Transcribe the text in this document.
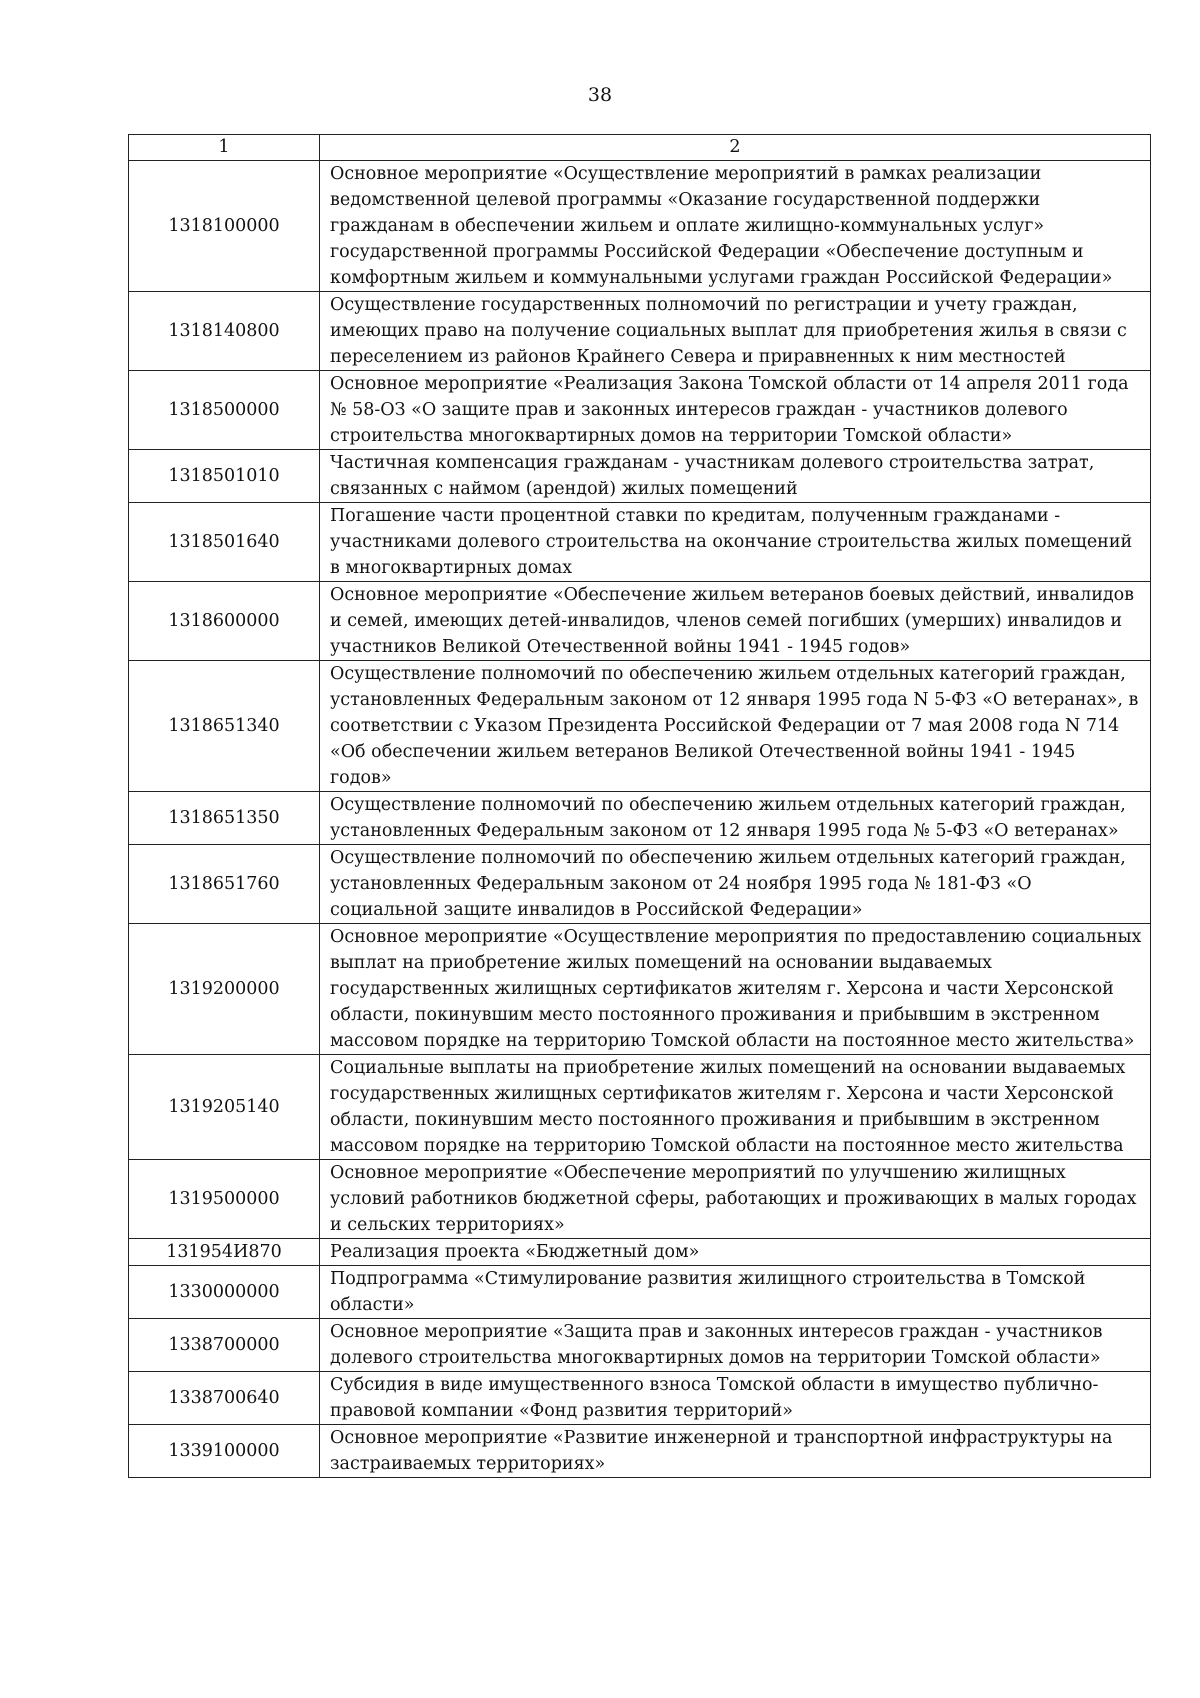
38
1	2
1318100000	Основное мероприятие «Осуществление мероприятий в рамках реализации ведомственной целевой программы «Оказание государственной поддержки гражданам в обеспечении жильем и оплате жилищно-коммунальных услуг» государственной программы Российской Федерации «Обеспечение доступным и комфортным жильем и коммунальными услугами граждан Российской Федерации»
1318140800	Осуществление государственных полномочий по регистрации и учету граждан, имеющих право на получение социальных выплат для приобретения жилья в связи с переселением из районов Крайнего Севера и приравненных к ним местностей
1318500000	Основное мероприятие «Реализация Закона Томской области от 14 апреля 2011 года № 58-ОЗ «О защите прав и законных интересов граждан - участников долевого строительства многоквартирных домов на территории Томской области»
1318501010	Частичная компенсация гражданам - участникам долевого строительства затрат, связанных с наймом (арендой) жилых помещений
1318501640	Погашение части процентной ставки по кредитам, полученным гражданами - участниками долевого строительства на окончание строительства жилых помещений в многоквартирных домах
1318600000	Основное мероприятие «Обеспечение жильем ветеранов боевых действий, инвалидов и семей, имеющих детей-инвалидов, членов семей погибших (умерших) инвалидов и участников Великой Отечественной войны 1941 - 1945 годов»
1318651340	Осуществление полномочий по обеспечению жильем отдельных категорий граждан, установленных Федеральным законом от 12 января 1995 года N 5-ФЗ «О ветеранах», в соответствии с Указом Президента Российской Федерации от 7 мая 2008 года N 714 «Об обеспечении жильем ветеранов Великой Отечественной войны 1941 - 1945 годов»
1318651350	Осуществление полномочий по обеспечению жильем отдельных категорий граждан, установленных Федеральным законом от 12 января 1995 года № 5-ФЗ «О ветеранах»
1318651760	Осуществление полномочий по обеспечению жильем отдельных категорий граждан, установленных Федеральным законом от 24 ноября 1995 года № 181-ФЗ «О социальной защите инвалидов в Российской Федерации»
1319200000	Основное мероприятие «Осуществление мероприятия по предоставлению социальных выплат на приобретение жилых помещений на основании выдаваемых государственных жилищных сертификатов жителям г. Херсона и части Херсонской области, покинувшим место постоянного проживания и прибывшим в экстренном массовом порядке на территорию Томской области на постоянное место жительства»
1319205140	Социальные выплаты на приобретение жилых помещений на основании выдаваемых государственных жилищных сертификатов жителям г. Херсона и части Херсонской области, покинувшим место постоянного проживания и прибывшим в экстренном массовом порядке на территорию Томской области на постоянное место жительства
1319500000	Основное мероприятие «Обеспечение мероприятий по улучшению жилищных условий работников бюджетной сферы, работающих и проживающих в малых городах и сельских территориях»
131954И870	Реализация проекта «Бюджетный дом»
1330000000	Подпрограмма «Стимулирование развития жилищного строительства в Томской области»
1338700000	Основное мероприятие «Защита прав и законных интересов граждан - участников долевого строительства многоквартирных домов на территории Томской области»
1338700640	Субсидия в виде имущественного взноса Томской области в имущество публично-правовой компании «Фонд развития территорий»
1339100000	Основное мероприятие «Развитие инженерной и транспортной инфраструктуры на застраиваемых территориях»
